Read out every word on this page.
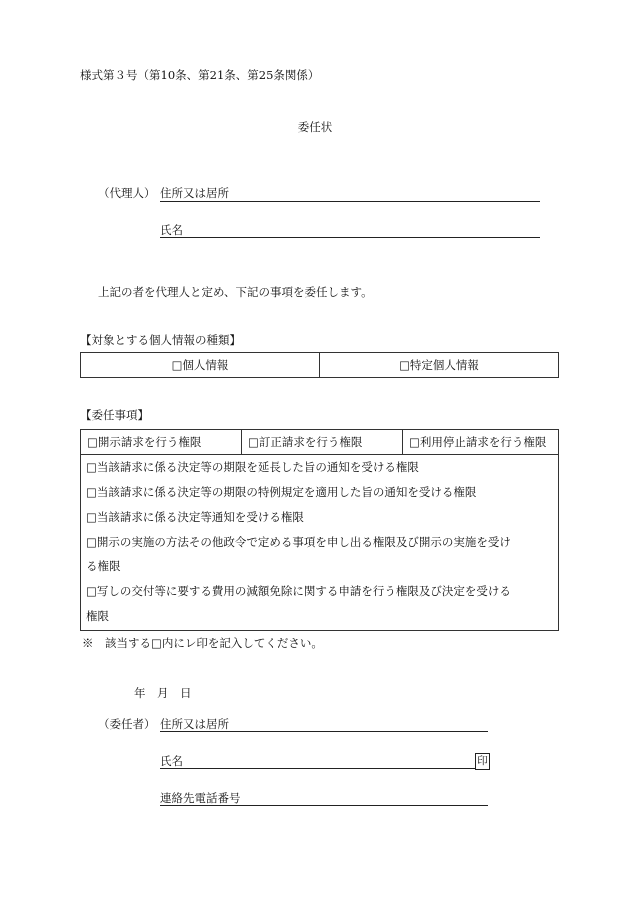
様式第３号（第10条、第21条、第25条関係）
委任状
（代理人） 住所又は居所
氏名
上記の者を代理人と定め、下記の事項を委任します。
【対象とする個人情報の種類】
□個人情報	□特定個人情報
【委任事項】
□開示請求を行う権限	□訂正請求を行う権限	□利用停止請求を行う権限
□当該請求に係る決定等の期限を延長した旨の通知を受ける権限
□当該請求に係る決定等の期限の特例規定を適用した旨の通知を受ける権限
□当該請求に係る決定等通知を受ける権限
□開示の実施の方法その他政令で定める事項を申し出る権限及び開示の実施を受け
る権限
□写しの交付等に要する費用の減額免除に関する申請を行う権限及び決定を受ける
権限
※　該当する□内にレ印を記入してください。
年　月　日
（委任者） 住所又は居所
氏名	印
連絡先電話番号
